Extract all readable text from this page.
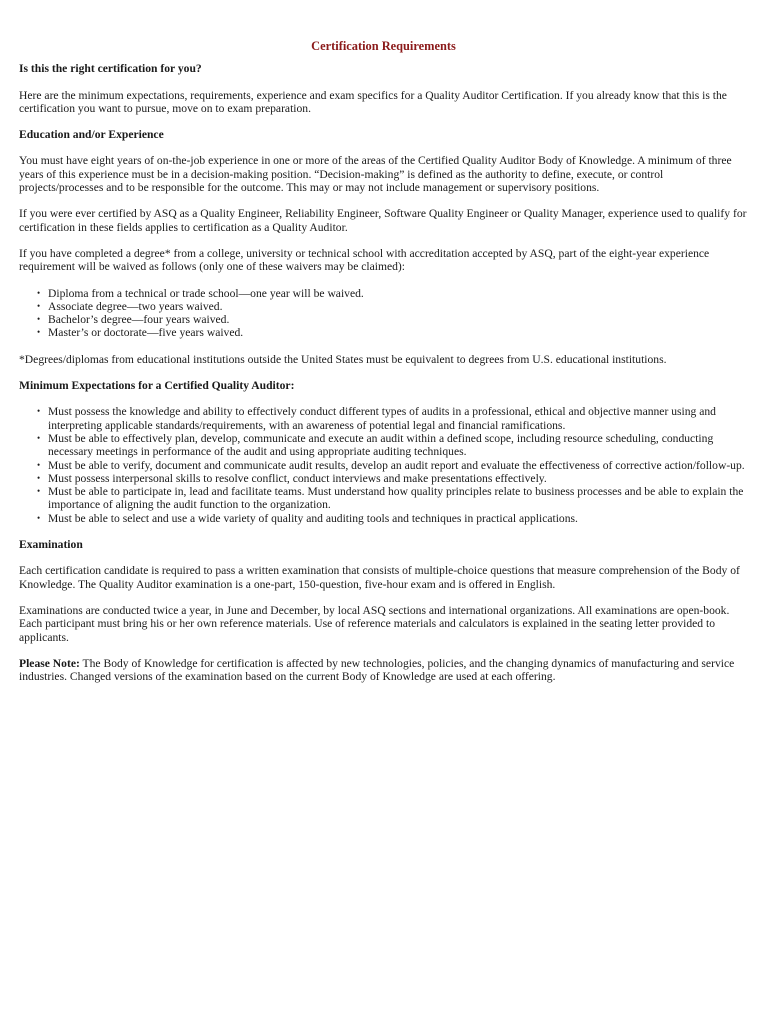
Certification Requirements
Is this the right certification for you?

Here are the minimum expectations, requirements, experience and exam specifics for a Quality Auditor Certification. If you already know that this is the certification you want to pursue, move on to exam preparation.

Education and/or Experience

You must have eight years of on-the-job experience in one or more of the areas of the Certified Quality Auditor Body of Knowledge. A minimum of three years of this experience must be in a decision-making position. “Decision-making” is defined as the authority to define, execute, or control projects/processes and to be responsible for the outcome. This may or may not include management or supervisory positions.

If you were ever certified by ASQ as a Quality Engineer, Reliability Engineer, Software Quality Engineer or Quality Manager, experience used to qualify for certification in these fields applies to certification as a Quality Auditor.

If you have completed a degree* from a college, university or technical school with accreditation accepted by ASQ, part of the eight-year experience requirement will be waived as follows (only one of these waivers may be claimed):

• Diploma from a technical or trade school—one year will be waived.
• Associate degree—two years waived.
• Bachelor’s degree—four years waived.
• Master’s or doctorate—five years waived.

*Degrees/diplomas from educational institutions outside the United States must be equivalent to degrees from U.S. educational institutions.

Minimum Expectations for a Certified Quality Auditor:
• Must possess the knowledge and ability to effectively conduct different types of audits in a professional, ethical and objective manner using and interpreting applicable standards/requirements, with an awareness of potential legal and financial ramifications.
• Must be able to effectively plan, develop, communicate and execute an audit within a defined scope, including resource scheduling, conducting necessary meetings in performance of the audit and using appropriate auditing techniques.
• Must be able to verify, document and communicate audit results, develop an audit report and evaluate the effectiveness of corrective action/follow-up.
• Must possess interpersonal skills to resolve conflict, conduct interviews and make presentations effectively.
• Must be able to participate in, lead and facilitate teams. Must understand how quality principles relate to business processes and be able to explain the importance of aligning the audit function to the organization.
• Must be able to select and use a wide variety of quality and auditing tools and techniques in practical applications.
Examination

Each certification candidate is required to pass a written examination that consists of multiple-choice questions that measure comprehension of the Body of Knowledge. The Quality Auditor examination is a one-part, 150-question, five-hour exam and is offered in English.

Examinations are conducted twice a year, in June and December, by local ASQ sections and international organizations. All examinations are open-book. Each participant must bring his or her own reference materials. Use of reference materials and calculators is explained in the seating letter provided to applicants.

Please Note: The Body of Knowledge for certification is affected by new technologies, policies, and the changing dynamics of manufacturing and service industries. Changed versions of the examination based on the current Body of Knowledge are used at each offering.
